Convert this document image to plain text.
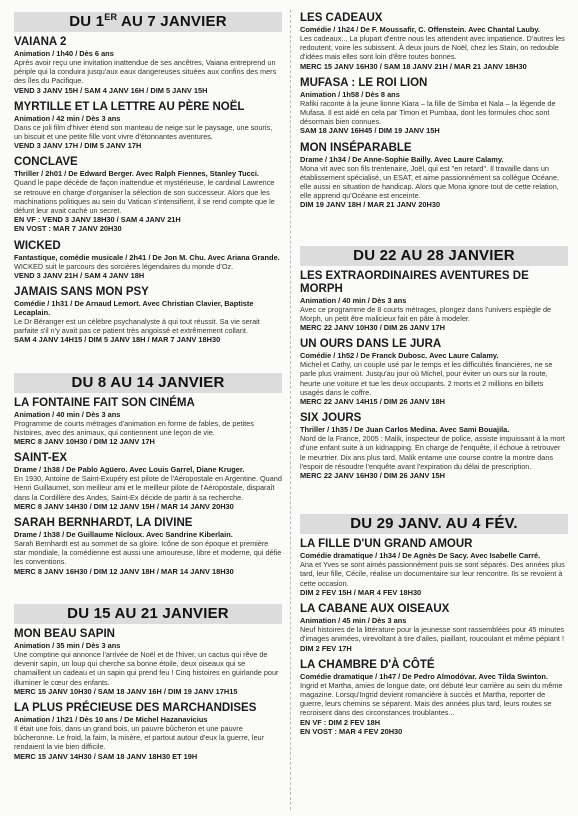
DU 1ER AU 7 JANVIER

VAIANA 2

Animation / 1h40 / Dès 6 ans

Après avoir reçu une invitation inattendue de ses ancêtres, Vaiana entreprend un périple qui la conduira jusqu'aux eaux dangereuses situées aux confins des mers des îles du Pacifique.

VEND 3 JANV 15H / SAM 4 JANV 16H / DIM 5 JANV 15H

MYRTILLE ET LA LETTRE AU PÈRE NOËL

Animation / 42 min / Dès 3 ans

Dans ce joli film d'hiver étend son manteau de neige sur le paysage, une souris, un biscuit et une petite fille vont vivre d'étonnantes aventures.

VEND 3 JANV 17H / DIM 5 JANV 17H

CONCLAVE

Thriller / 2h01 / De Edward Berger. Avec Ralph Fiennes, Stanley Tucci.

Quand le pape décède de façon inattendue et mystérieuse, le cardinal Lawrence se retrouve en charge d'organiser la sélection de son successeur. Alors que les machinations politiques au sein du Vatican s'intensifient, il se rend compte que le défunt leur avait caché un secret.

EN VF : VEND 3 JANV 18H30 / SAM 4 JANV 21H

EN VOST : MAR 7 JANV 20H30

WICKED

Fantastique, comédie musicale / 2h41 / De Jon M. Chu. Avec Ariana Grande.

WICKED suit le parcours des sorcières légendaires du monde d'Oz.

VEND 3 JANV 21H / SAM 4 JANV 18H

JAMAIS SANS MON PSY

Comédie / 1h31 / De Arnaud Lemort. Avec Christian Clavier, Baptiste Lecaplain.

Le Dr Béranger est un célèbre psychanalyste à qui tout réussit. Sa vie serait parfaite s'il n'y avait pas ce patient très angoissé et extrêmement collant.

SAM 4 JANV 14H15 / DIM 5 JANV 18H / MAR 7 JANV 18H30

DU 8 AU 14 JANVIER

LA FONTAINE FAIT SON CINÉMA

Animation / 40 min / Dès 3 ans

Programme de courts métrages d'animation en forme de fables, de petites histoires, avec des animaux, qui contiennent une leçon de vie.

MERC 8 JANV 10H30 / DIM 12 JANV 17H

SAINT-EX

Drame / 1h38 / De Pablo Agüero. Avec Louis Garrel, Diane Kruger.

En 1930, Antoine de Saint-Exupéry est pilote de l'Aéropostale en Argentine. Quand Henri Guillaumet, son meilleur ami et le meilleur pilote de l'Aéropostale, disparaît dans la Cordillère des Andes, Saint-Ex décide de partir à sa recherche.

MERC 8 JANV 14H30 / DIM 12 JANV 15H / MAR 14 JANV 20H30

SARAH BERNHARDT, LA DIVINE

Drame / 1h38 / De Guillaume Nicloux. Avec Sandrine Kiberlain.

Sarah Bernhardt est au sommet de sa gloire. Icône de son époque et première star mondiale, la comédienne est aussi une amoureuse, libre et moderne, qui défie les conventions.

MERC 8 JANV 16H30 / DIM 12 JANV 18H / MAR 14 JANV 18H30

DU 15 AU 21 JANVIER

MON BEAU SAPIN

Animation / 35 min / Dès 3 ans

Une comptine qui annonce l'arrivée de Noël et de l'hiver, un cactus qui rêve de devenir sapin, un loup qui cherche sa bonne étoile, deux oiseaux qui se chamaillent un cadeau et un sapin qui prend feu ! Cinq histoires en guirlande pour illuminer le cœur des enfants.

MERC 15 JANV 10H30 / SAM 18 JANV 16H / DIM 19 JANV 17H15

LA PLUS PRÉCIEUSE DES MARCHANDISES

Animation / 1h21 / Dès 10 ans / De Michel Hazanavicius

Il était une fois, dans un grand bois, un pauvre bûcheron et une pauvre bûcheronne. Le froid, la faim, la misère, et partout autour d'eux la guerre, leur rendaient la vie bien difficile.

MERC 15 JANV 14H30 / SAM 18 JANV 18H30 ET 19H

LES CADEAUX

Comédie / 1h24 / De F. Moussafir, C. Offenstein. Avec Chantal Lauby.

Les cadeaux... La plupart d'entre nous les attendent avec impatience. D'autres les redoutent, voire les subissent. À deux jours de Noël, chez les Stain, on redouble d'idées mais elles sont loin d'être toutes bonnes.

MERC 15 JANV 16H30 / SAM 18 JANV 21H / MAR 21 JANV 18H30

MUFASA : LE ROI LION

Animation / 1h58 / Dès 8 ans

Rafiki raconte à la jeune lionne Kiara – la fille de Simba et Nala – la légende de Mufasa. Il est aidé en cela par Timon et Pumbaa, dont les formules choc sont désormais bien connues.

SAM 18 JANV 16H45 / DIM 19 JANV 15H

MON INSÉPARABLE

Drame / 1h34 / De Anne-Sophie Bailly. Avec Laure Calamy.

Mona vit avec son fils trentenaire, Joël, qui est "en retard". Il travaille dans un établissement spécialisé, un ESAT, et aime passionnément sa collègue Océane, elle aussi en situation de handicap. Alors que Mona ignore tout de cette relation, elle apprend qu'Océane est enceinte.

DIM 19 JANV 18H / MAR 21 JANV 20H30

DU 22 AU 28 JANVIER

LES EXTRAORDINAIRES AVENTURES DE MORPH

Animation / 40 min / Dès 3 ans

Avec ce programme de 8 courts métrages, plongez dans l'univers espiègle de Morph, un petit être malicieux fait en pâte à modeler.

MERC 22 JANV 10H30 / DIM 26 JANV 17H

UN OURS DANS LE JURA

Comédie / 1h52 / De Franck Dubosc. Avec Laure Calamy.

Michel et Cathy, un couple usé par le temps et les difficultés financières, ne se parle plus vraiment. Jusqu'au jour où Michel, pour éviter un ours sur la route, heurte une voiture et tue les deux occupants. 2 morts et 2 millions en billets usagés dans le coffre.

MERC 22 JANV 14H15 / DIM 26 JANV 18H

SIX JOURS

Thriller / 1h35 / De Juan Carlos Medina. Avec Sami Bouajila.

Nord de la France, 2005 : Malik, inspecteur de police, assiste impuissant à la mort d'une enfant suite à un kidnapping. En charge de l'enquête, il échoue à retrouver le meurtrier. Dix ans plus tard, Malik entame une course contre la montre dans l'espoir de résoudre l'enquête avant l'expiration du délai de prescription.

MERC 22 JANV 16H30 / DIM 26 JANV 15H

DU 29 JANV. AU 4 FÉV.

LA FILLE D'UN GRAND AMOUR

Comédie dramatique / 1h34 / De Agnès De Sacy. Avec Isabelle Carré.

Ana et Yves se sont aimés passionnément puis se sont séparés. Des années plus tard, leur fille, Cécile, réalise un documentaire sur leur rencontre. Ils se revoient à cette occasion.

DIM 2 FEV 15H / MAR 4 FEV 18H30

LA CABANE AUX OISEAUX

Animation / 45 min / Dès 3 ans

Neuf histoires de la littérature pour la jeunesse sont rassemblées pour 45 minutes d'images animées, virevoltant à tire d'ailes, piaillant, roucoulant et même pépiant !

DIM 2 FEV 17H

LA CHAMBRE D'À CÔTÉ

Comédie dramatique / 1h47 / De Pedro Almodóvar. Avec Tilda Swinton.

Ingrid et Martha, amies de longue date, ont débuté leur carrière au sein du même magazine. Lorsqu'Ingrid devient romancière à succès et Martha, reporter de guerre, leurs chemins se séparent. Mais des années plus tard, leurs routes se recroisent dans des circonstances troublantes...

EN VF : DIM 2 FEV 18H

EN VOST : MAR 4 FEV 20H30
